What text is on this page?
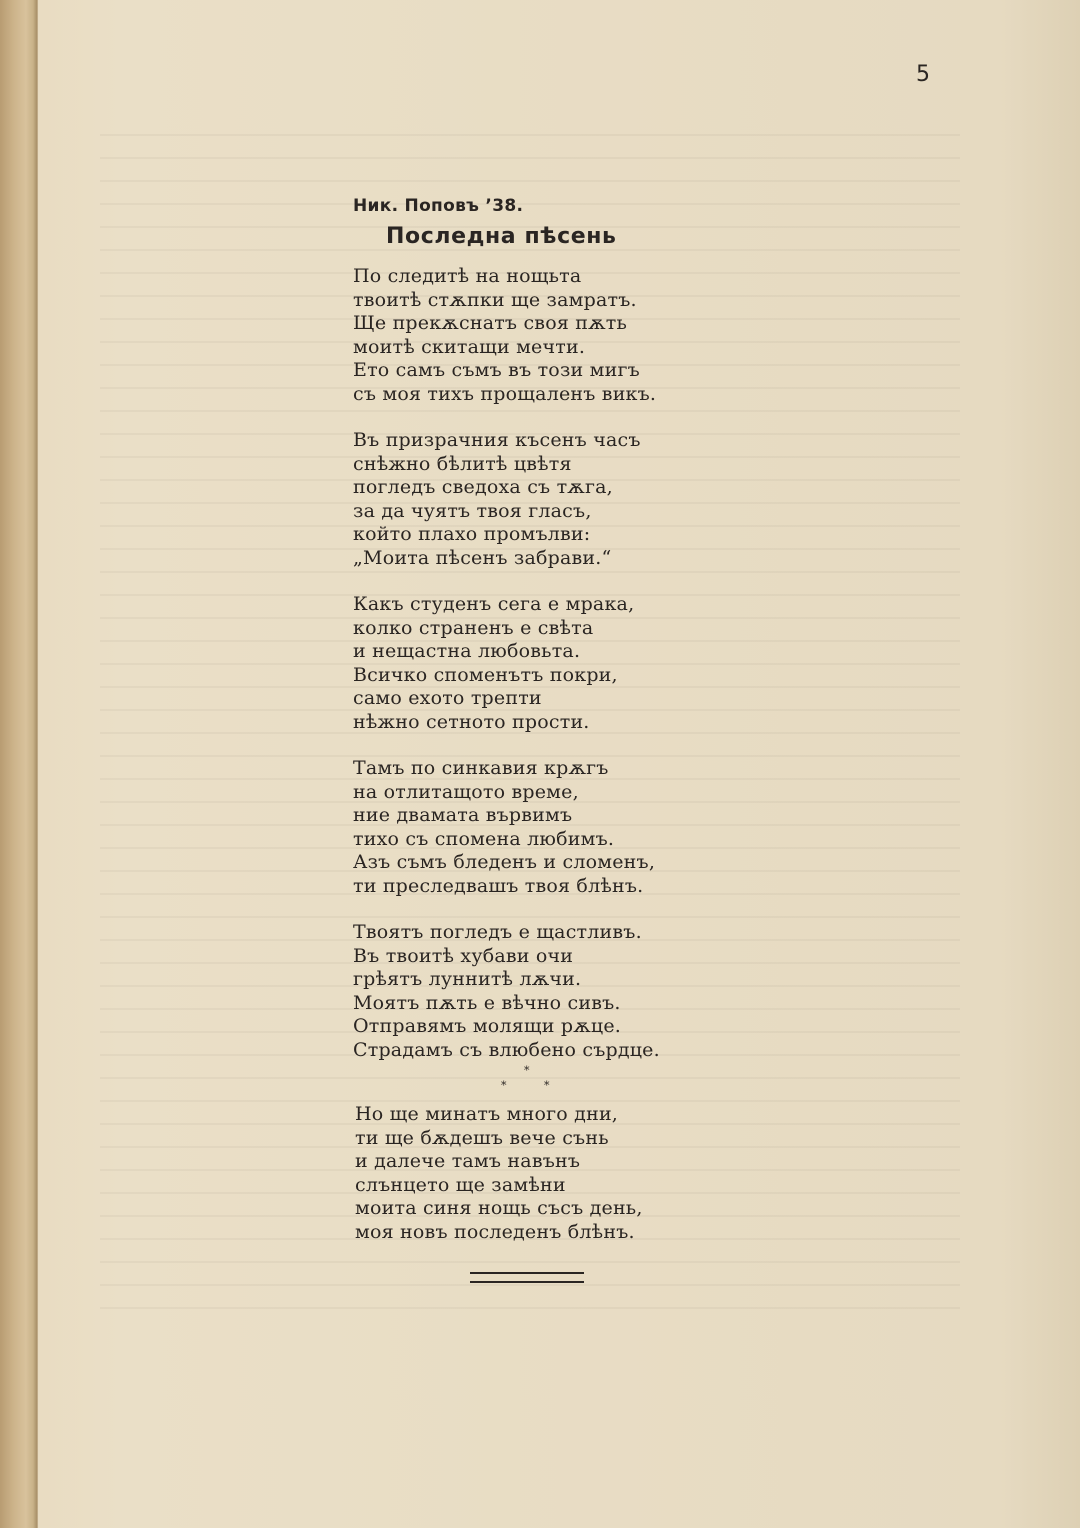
5
Ник. Поповъ ’38.
Последна пѣсень
По следитѣ на нощьта
твоитѣ стѫпки ще замратъ.
Ще прекѫснатъ своя пѫть
моитѣ скитащи мечти.
Ето самъ съмъ въ този мигъ
съ моя тихъ прощаленъ викъ.
Въ призрачния късенъ часъ
снѣжно бѣлитѣ цвѣтя
погледъ сведоха съ тѫга,
за да чуятъ твоя гласъ,
който плахо промълви:
„Моита пѣсенъ забрави.“
Какъ студенъ сега е мрака,
колко страненъ е свѣта
и нещастна любовьта.
Всичко споменътъ покри,
само ехото трепти
нѣжно сетното прости.
Тамъ по синкавия крѫгъ
на отлитащото време,
ние двамата вървимъ
тихо съ спомена любимъ.
Азъ съмъ бледенъ и сломенъ,
ти преследвашъ твоя блѣнъ.
Твоятъ погледъ е щастливъ.
Въ твоитѣ хубави очи
грѣятъ луннитѣ лѫчи.
Моятъ пѫть е вѣчно сивъ.
Отправямъ молящи рѫце.
Страдамъ съ влюбено сърдце.
*
*	*
Но ще минатъ много дни,
ти ще бѫдешъ вече сънь
и далече тамъ навънъ
слънцето ще замѣни
моита синя нощь съсъ день,
моя новъ последенъ блѣнъ.
